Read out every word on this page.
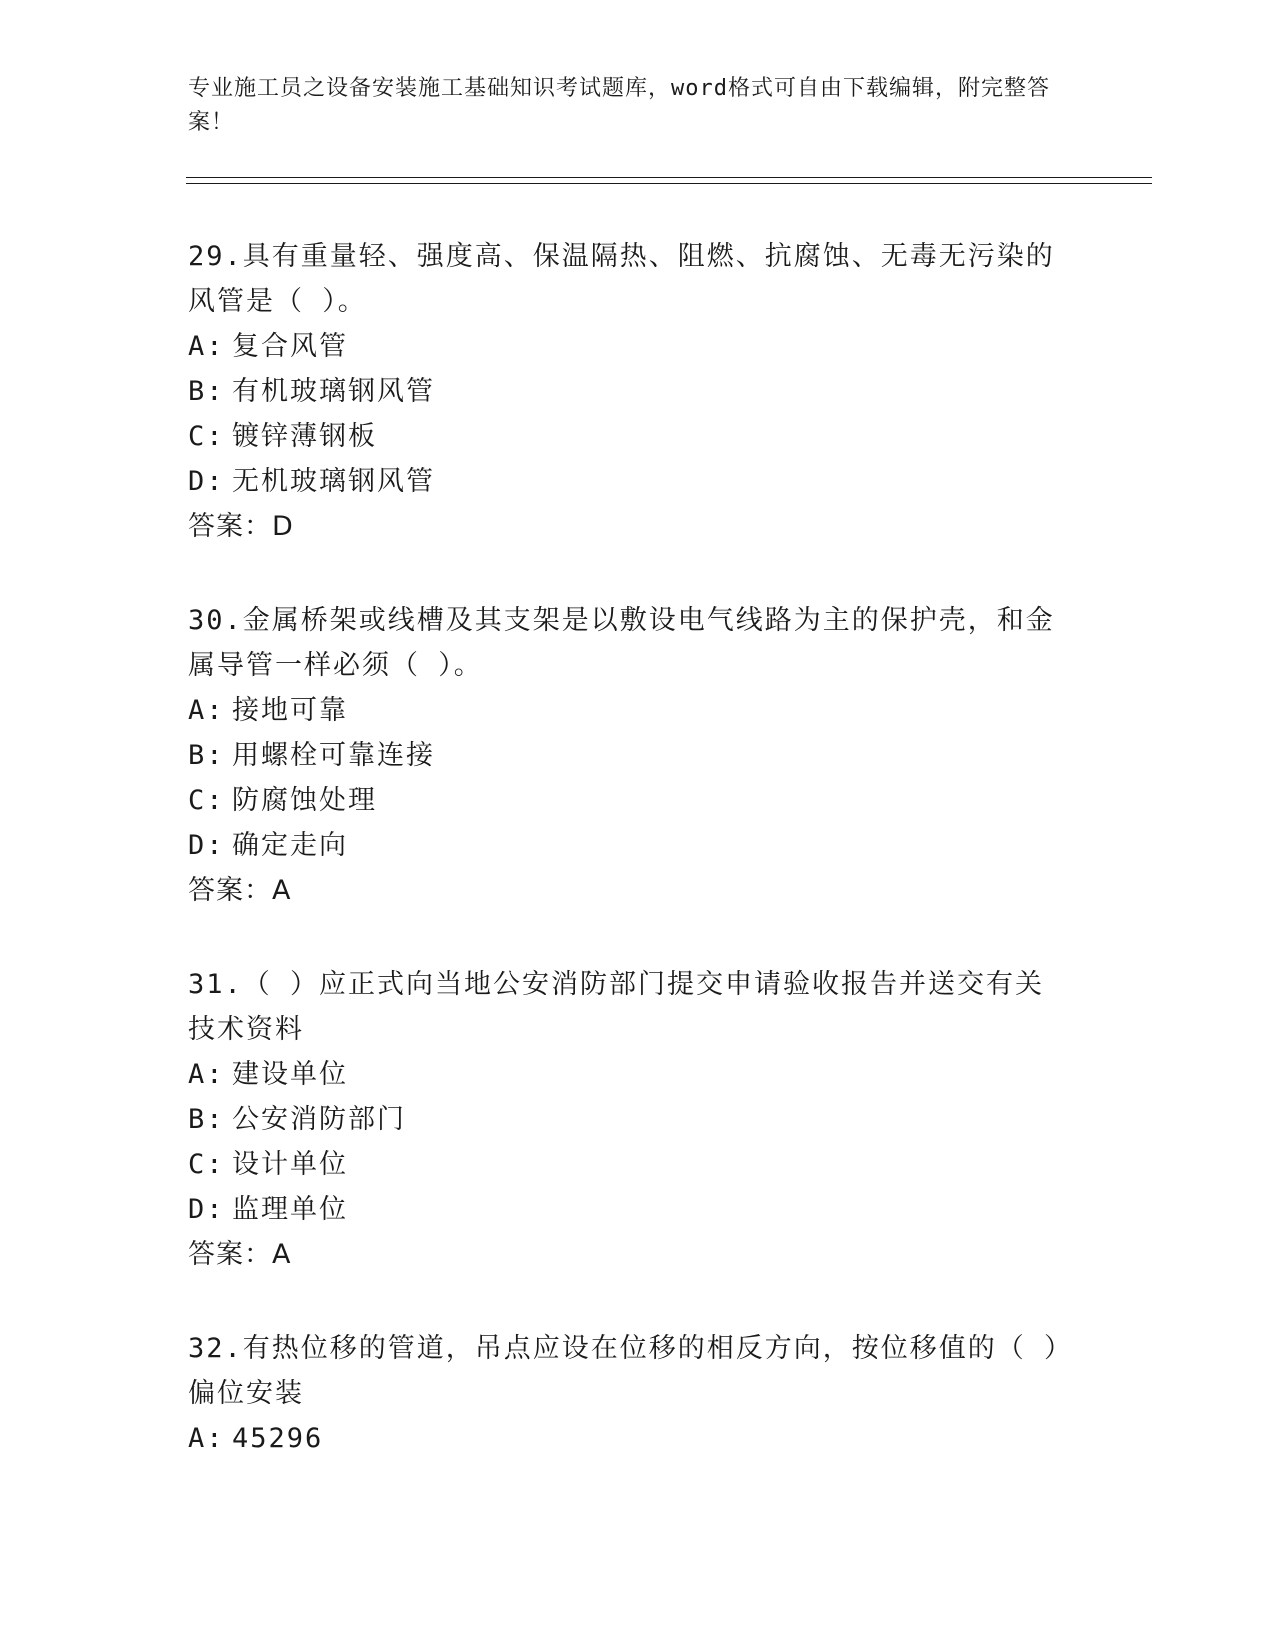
专业施工员之设备安装施工基础知识考试题库，word格式可自由下载编辑，附完整答案！
29.具有重量轻、强度高、保温隔热、阻燃、抗腐蚀、无毒无污染的风管是（ ）。
A: 复合风管
B: 有机玻璃钢风管
C: 镀锌薄钢板
D: 无机玻璃钢风管
答案：D
30.金属桥架或线槽及其支架是以敷设电气线路为主的保护壳，和金属导管一样必须（ ）。
A: 接地可靠
B: 用螺栓可靠连接
C: 防腐蚀处理
D: 确定走向
答案：A
31.（ ）应正式向当地公安消防部门提交申请验收报告并送交有关技术资料
A: 建设单位
B: 公安消防部门
C: 设计单位
D: 监理单位
答案：A
32.有热位移的管道，吊点应设在位移的相反方向，按位移值的（ ）偏位安装
A: 45296
